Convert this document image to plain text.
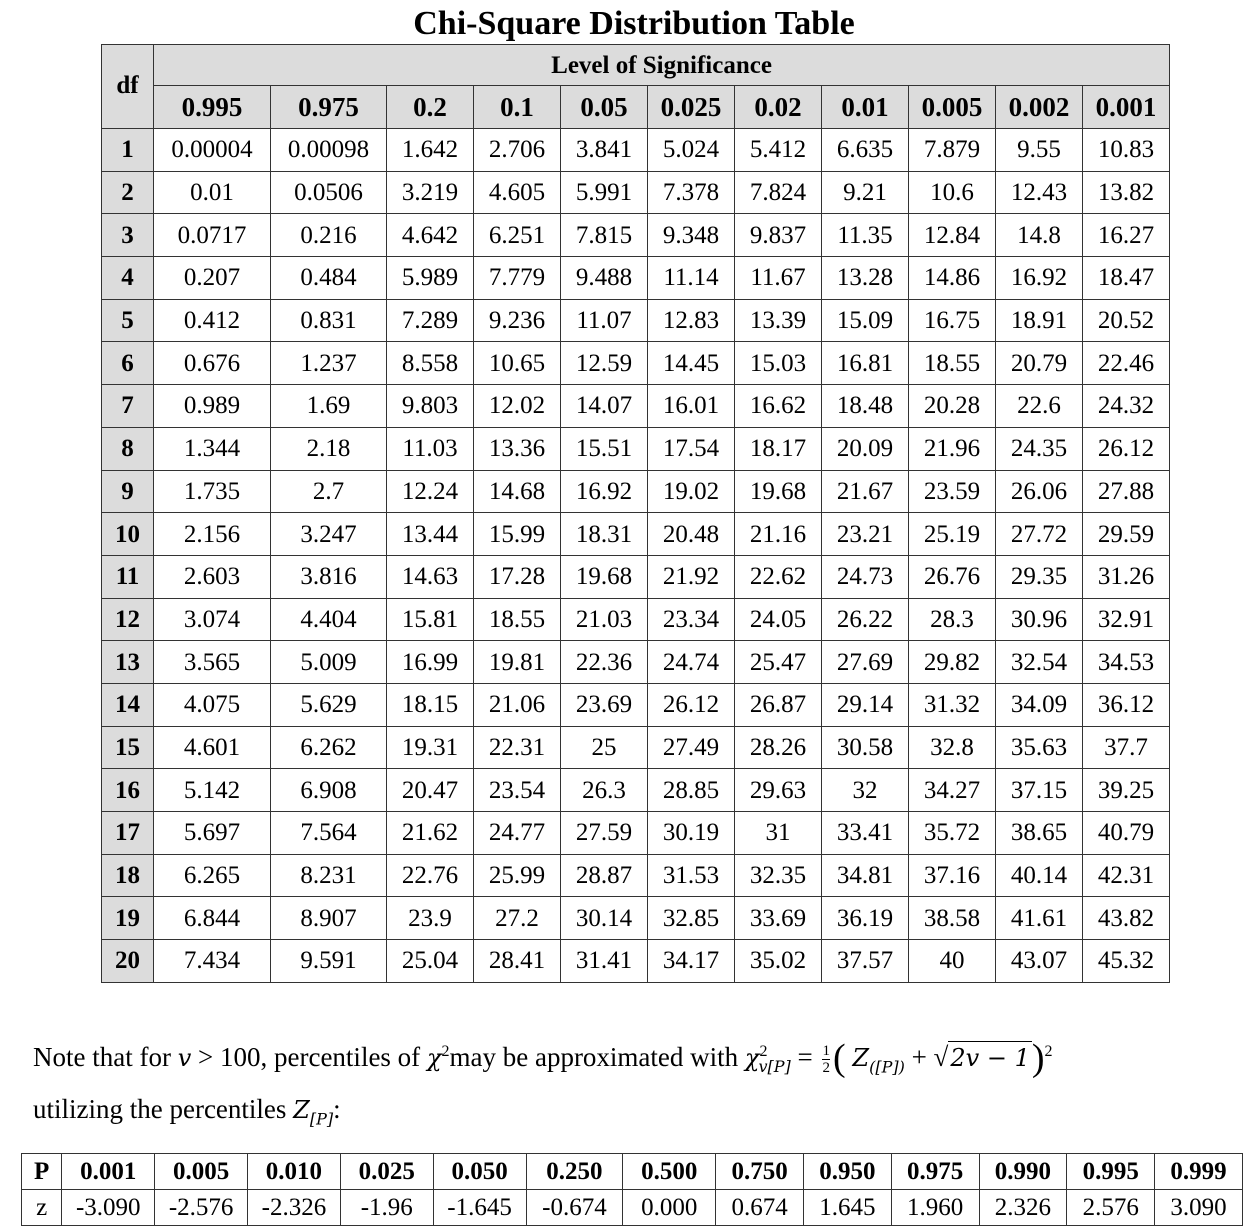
Chi-Square Distribution Table
df	Level of Significance										
	0.995	0.975	0.2	0.1	0.05	0.025	0.02	0.01	0.005	0.002	0.001
1	0.00004	0.00098	1.642	2.706	3.841	5.024	5.412	6.635	7.879	9.55	10.83
2	0.01	0.0506	3.219	4.605	5.991	7.378	7.824	9.21	10.6	12.43	13.82
3	0.0717	0.216	4.642	6.251	7.815	9.348	9.837	11.35	12.84	14.8	16.27
4	0.207	0.484	5.989	7.779	9.488	11.14	11.67	13.28	14.86	16.92	18.47
5	0.412	0.831	7.289	9.236	11.07	12.83	13.39	15.09	16.75	18.91	20.52
6	0.676	1.237	8.558	10.65	12.59	14.45	15.03	16.81	18.55	20.79	22.46
7	0.989	1.69	9.803	12.02	14.07	16.01	16.62	18.48	20.28	22.6	24.32
8	1.344	2.18	11.03	13.36	15.51	17.54	18.17	20.09	21.96	24.35	26.12
9	1.735	2.7	12.24	14.68	16.92	19.02	19.68	21.67	23.59	26.06	27.88
10	2.156	3.247	13.44	15.99	18.31	20.48	21.16	23.21	25.19	27.72	29.59
11	2.603	3.816	14.63	17.28	19.68	21.92	22.62	24.73	26.76	29.35	31.26
12	3.074	4.404	15.81	18.55	21.03	23.34	24.05	26.22	28.3	30.96	32.91
13	3.565	5.009	16.99	19.81	22.36	24.74	25.47	27.69	29.82	32.54	34.53
14	4.075	5.629	18.15	21.06	23.69	26.12	26.87	29.14	31.32	34.09	36.12
15	4.601	6.262	19.31	22.31	25	27.49	28.26	30.58	32.8	35.63	37.7
16	5.142	6.908	20.47	23.54	26.3	28.85	29.63	32	34.27	37.15	39.25
17	5.697	7.564	21.62	24.77	27.59	30.19	31	33.41	35.72	38.65	40.79
18	6.265	8.231	22.76	25.99	28.87	31.53	32.35	34.81	37.16	40.14	42.31
19	6.844	8.907	23.9	27.2	30.14	32.85	33.69	36.19	38.58	41.61	43.82
20	7.434	9.591	25.04	28.41	31.41	34.17	35.02	37.57	40	43.07	45.32
Note that for v > 100, percentiles of $\chi^2may$ be approximated with $\chi^2_{v[P]} = \frac{1}{2}$ ( $Z_{([P])} + √2v - 1)^2$
utilizing the percentiles $Z_{[P]}$:
P	0.001	0.005	0.010	0.025	0.050	0.250	0.500	0.750	0.950	0.975	0.990	0.995	0.999
z	-3.090	-2.576	-2.326	-1.96	-1.645	-0.674	0.000	0.674	1.645	1.960	2.326	2.576	3.090
